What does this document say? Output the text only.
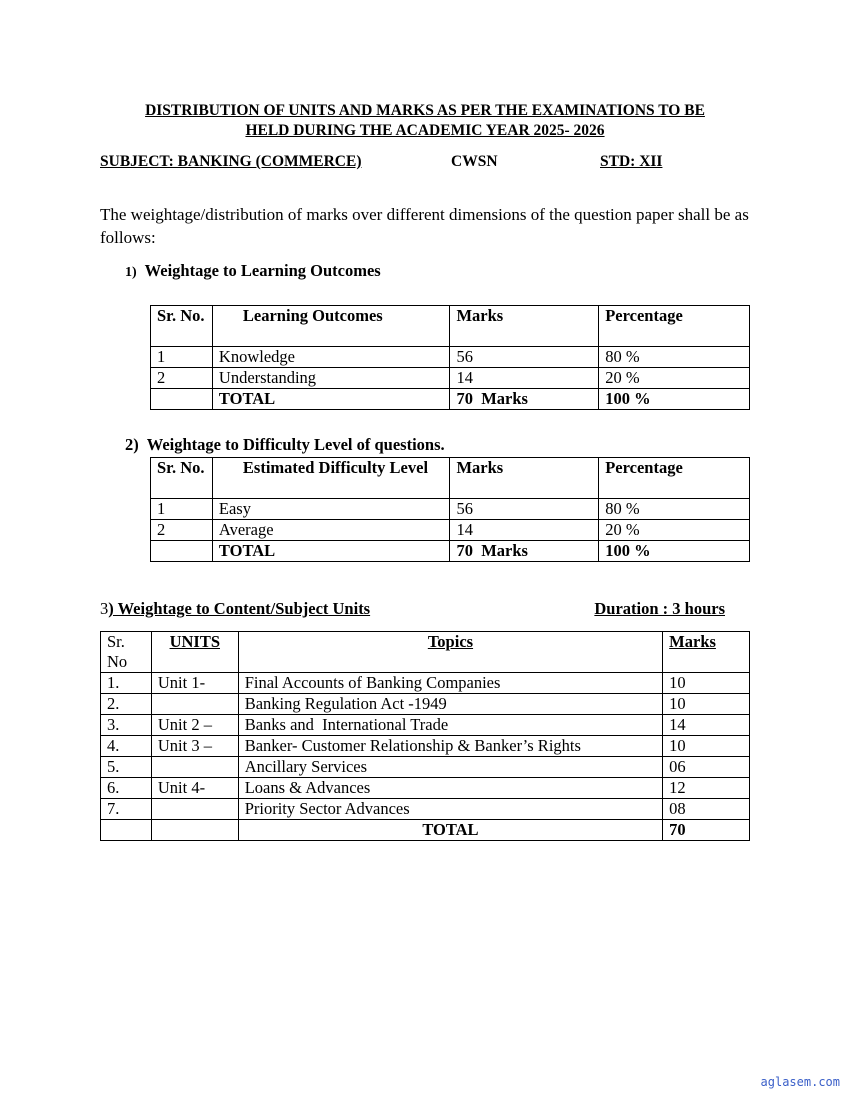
DISTRIBUTION OF UNITS AND MARKS AS PER THE EXAMINATIONS TO BE
HELD DURING THE ACADEMIC YEAR 2025- 2026
SUBJECT: BANKING (COMMERCE)	CWSN	STD: XII
The weightage/distribution of marks over different dimensions of the question paper shall be as follows:
1) Weightage to Learning Outcomes
Sr. No.	Learning Outcomes	Marks	Percentage
1	Knowledge	56	80 %
2	Understanding	14	20 %
	TOTAL	70  Marks	100 %
2) Weightage to Difficulty Level of questions.
Sr. No.	Estimated Difficulty Level	Marks	Percentage
1	Easy	56	80 %
2	Average	14	20 %
	TOTAL	70  Marks	100 %
3) Weightage to Content/Subject Units	Duration : 3 hours
Sr. No	UNITS	Topics	Marks
1.	Unit 1-	Final Accounts of Banking Companies	10
2.		Banking Regulation Act -1949	10
3.	Unit 2 –	Banks and  International Trade	14
4.	Unit 3 –	Banker- Customer Relationship & Banker’s Rights	10
5.		Ancillary Services	06
6.	Unit 4-	Loans & Advances	12
7.		Priority Sector Advances	08
		TOTAL	70
aglasem.com
